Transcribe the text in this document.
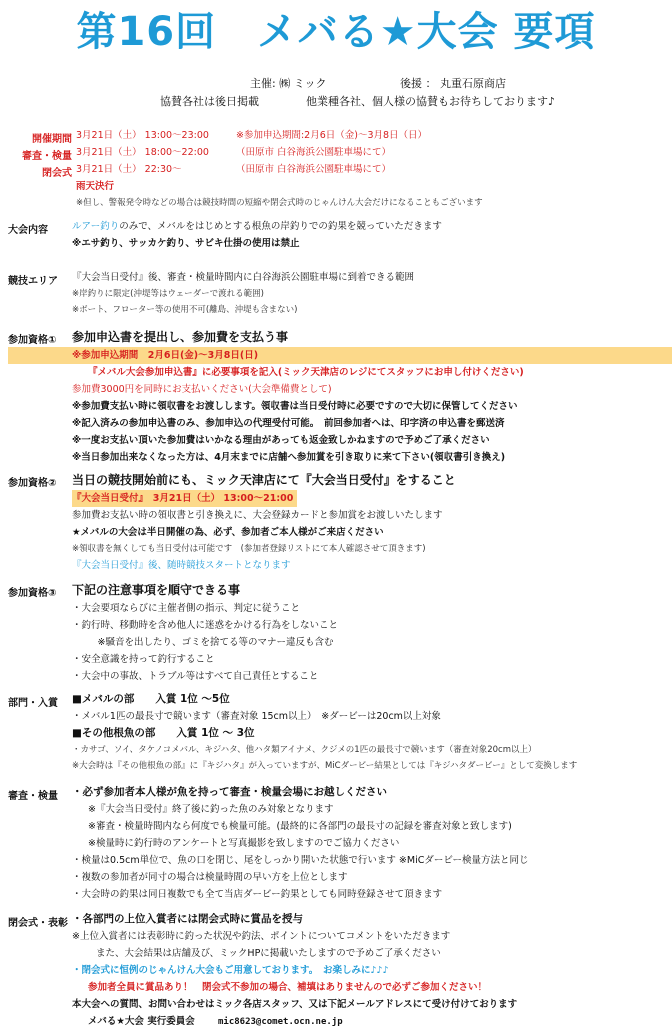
第16回　メバる★大会 要項
主催: ㈱ ミック	後援 ： 丸重石原商店
協賛各社は後日掲載	他業種各社、個人様の協賛もお待ちしております♪
開催期間 3月21日（土） 13:00～23:00	※参加申込期間:2月6日（金)～3月8日（日）
審査・検量 3月21日（土） 18:00～22:00	（田原市 白谷海浜公園駐車場にて）
閉会式 3月21日（土） 22:30～	（田原市 白谷海浜公園駐車場にて）
雨天決行
※但し、警報発令時などの場合は競技時間の短縮や閉会式時のじゃんけん大会だけになることもございます
大会内容	ルアー釣りのみで、メバルをはじめとする根魚の岸釣りでの釣果を競っていただきます
※エサ釣り、サッカケ釣り、サビキ仕掛の使用は禁止
競技エリア	『大会当日受付』後、審査・検量時間内に白谷海浜公園駐車場に到着できる範囲
※岸釣りに限定(沖堤等はウェーダーで渡れる範囲)
※ボート、フローター等の使用不可(離島、沖堤も含まない)
参加資格①	参加申込書を提出し、参加費を支払う事
※参加申込期間　2月6日(金)～3月8日(日)
『メバル大会参加申込書』に必要事項を記入(ミック天津店のレジにてスタッフにお申し付けください)
参加費3000円を同時にお支払いください(大会準備費として)
※参加費支払い時に領収書をお渡しします。領収書は当日受付時に必要ですので大切に保管してください
※記入済みの参加申込書のみ、参加申込の代理受付可能。　前回参加者へは、印字済の申込書を郵送済
※一度お支払い頂いた参加費はいかなる理由があっても返金致しかねますので予めご了承ください
※当日参加出来なくなった方は、4月末までに店舗へ参加賞を引き取りに来て下さい(領収書引き換え)
参加資格②	当日の競技開始前にも、ミック天津店にて『大会当日受付』をすること
『大会当日受付』　3月21日（土） 13:00～21:00
参加費お支払い時の領収書と引き換えに、大会登録カードと参加賞をお渡しいたします
★メバルの大会は半日開催の為、必ず、参加者ご本人様がご来店ください
※領収書を無くしても当日受付は可能です　(参加者登録リストにて本人確認させて頂きます)
『大会当日受付』後、随時競技スタートとなります
参加資格③	下記の注意事項を順守できる事
・大会要項ならびに主催者側の指示、判定に従うこと
・釣行時、移動時を含め他人に迷惑をかける行為をしないこと
　※騒音を出したり、ゴミを捨てる等のマナー違反も含む
・安全意識を持って釣行すること
・大会中の事故、トラブル等はすべて自己責任とすること
部門・入賞	■メバルの部　　入賞 1位 ～5位
・メバル1匹の最長寸で競います（審査対象 15cm以上）　※ダービーは20cm以上対象
■その他根魚の部　　入賞 1位 ～ 3位
・カサゴ、ソイ、タケノコメバル、キジハタ、他ハタ類アイナメ、クジメの1匹の最長寸で競います（審査対象20cm以上）
※大会時は『その他根魚の部』に『キジハタ』が入っていますが、MiCダービー結果としては『キジハタダービー』として変換します
審査・検量	・必ず参加者本人様が魚を持って審査・検量会場にお越しください
※『大会当日受付』終了後に釣った魚のみ対象となります
※審査・検量時間内なら何度でも検量可能。(最終的に各部門の最長寸の記録を審査対象と致します)
※検量時に釣行時のアンケートと写真撮影を致しますのでご協力ください
・検量は0.5cm単位で、魚の口を閉じ、尾をしっかり開いた状態で行います ※MiCダービー検量方法と同じ
・複数の参加者が同寸の場合は検量時間の早い方を上位とします
・大会時の釣果は同日複数でも全て当店ダービー釣果としても同時登録させて頂きます
閉会式・表彰 ・各部門の上位入賞者には閉会式時に賞品を授与
※上位入賞者には表彰時に釣った状況や釣法、ポイントについてコメントをいただきます
また、大会結果は店舗及び、ミックHPに掲載いたしますので予めご了承ください
・閉会式に恒例のじゃんけん大会もご用意しております。　お楽しみに♪♪♪
参加者全員に賞品あり！　閉会式不参加の場合、補填はありませんので必ずご参加ください！
本大会への質問、お問い合わせはミック各店スタッフ、又は下記メールアドレスにて受け付けております
メバる★大会 実行委員会	mic8623@comet.ocn.ne.jp
